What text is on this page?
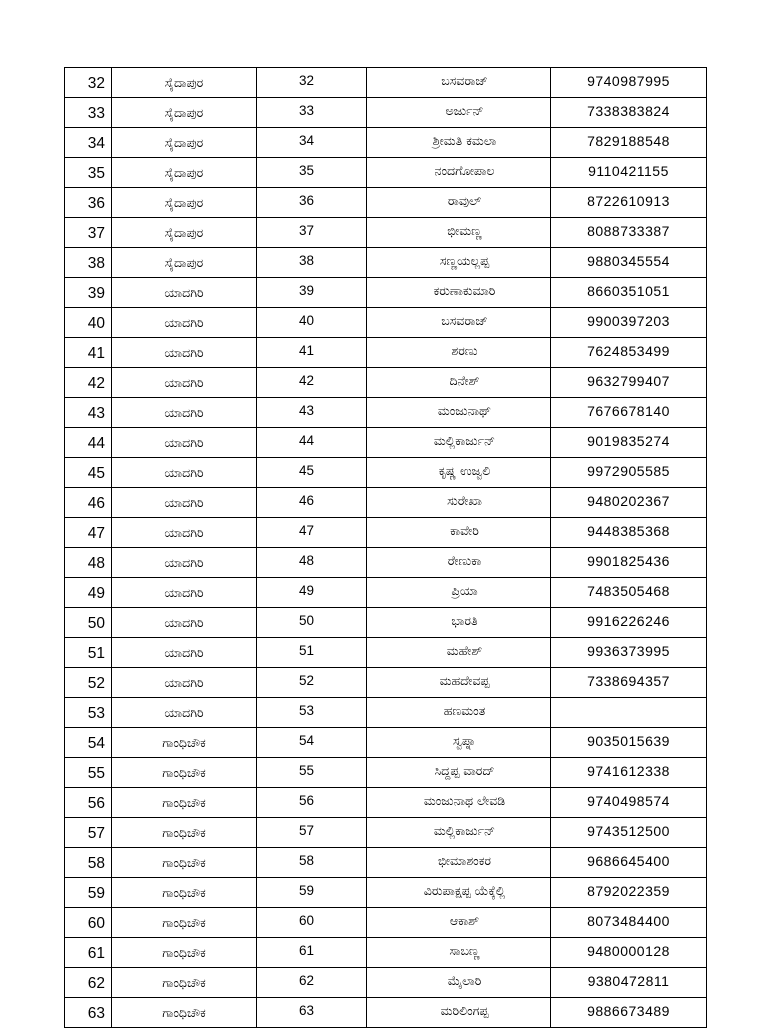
32	ಸೈದಾಪುರ	32	ಬಸವರಾಜ್	9740987995
33	ಸೈದಾಪುರ	33	ಅರ್ಜುನ್	7338383824
34	ಸೈದಾಪುರ	34	ಶ್ರೀಮತಿ ಕಮಲಾ	7829188548
35	ಸೈದಾಪುರ	35	ನಂದಗೋಪಾಲ	9110421155
36	ಸೈದಾಪುರ	36	ರಾವುಲ್	8722610913
37	ಸೈದಾಪುರ	37	ಭೀಮಣ್ಣ	8088733387
38	ಸೈದಾಪುರ	38	ಸಣ್ಣಯಲ್ಲಪ್ಪ	9880345554
39	ಯಾದಗಿರಿ	39	ಕರುಣಾಕುಮಾರಿ	8660351051
40	ಯಾದಗಿರಿ	40	ಬಸವರಾಜ್	9900397203
41	ಯಾದಗಿರಿ	41	ಶರಣು	7624853499
42	ಯಾದಗಿರಿ	42	ದಿನೇಶ್	9632799407
43	ಯಾದಗಿರಿ	43	ಮಂಜುನಾಥ್	7676678140
44	ಯಾದಗಿರಿ	44	ಮಲ್ಲಿಕಾರ್ಜುನ್	9019835274
45	ಯಾದಗಿರಿ	45	ಕೃಷ್ಣ ಉಜ್ವಲಿ	9972905585
46	ಯಾದಗಿರಿ	46	ಸುರೇಖಾ	9480202367
47	ಯಾದಗಿರಿ	47	ಕಾವೇರಿ	9448385368
48	ಯಾದಗಿರಿ	48	ರೇಣುಕಾ	9901825436
49	ಯಾದಗಿರಿ	49	ಪ್ರಿಯಾ	7483505468
50	ಯಾದಗಿರಿ	50	ಭಾರತಿ	9916226246
51	ಯಾದಗಿರಿ	51	ಮಹೇಶ್	9936373995
52	ಯಾದಗಿರಿ	52	ಮಹದೇವಪ್ಪ	7338694357
53	ಯಾದಗಿರಿ	53	ಹಣಮಂತ	
54	ಗಾಂಧಿಚೌಕ	54	ಸ್ವಪ್ನಾ	9035015639
55	ಗಾಂಧಿಚೌಕ	55	ಸಿದ್ದಪ್ಪ ವಾರದ್	9741612338
56	ಗಾಂಧಿಚೌಕ	56	ಮಂಜುನಾಥ ಲೇವಡಿ	9740498574
57	ಗಾಂಧಿಚೌಕ	57	ಮಲ್ಲಿಕಾರ್ಜುನ್	9743512500
58	ಗಾಂಧಿಚೌಕ	58	ಭೀಮಾಶಂಕರ	9686645400
59	ಗಾಂಧಿಚೌಕ	59	ವಿರುಪಾಕ್ಷಪ್ಪ ಯೆಕ್ಕೆಲ್ಲಿ	8792022359
60	ಗಾಂಧಿಚೌಕ	60	ಆಕಾಶ್	8073484400
61	ಗಾಂಧಿಚೌಕ	61	ಸಾಬಣ್ಣ	9480000128
62	ಗಾಂಧಿಚೌಕ	62	ಮೈಲಾರಿ	9380472811
63	ಗಾಂಧಿಚೌಕ	63	ಮರಿಲಿಂಗಪ್ಪ	9886673489
